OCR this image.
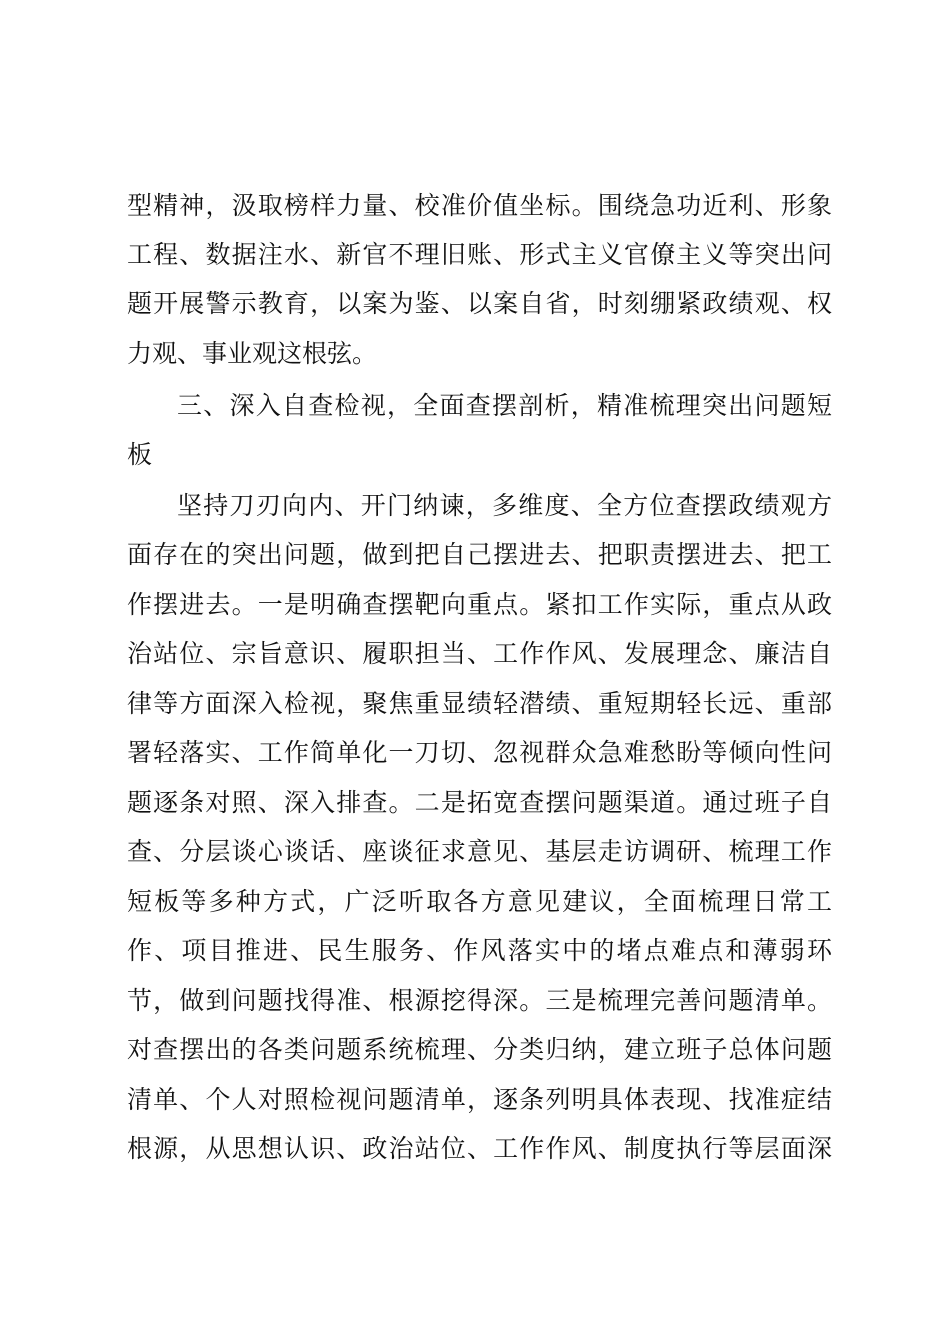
型精神，汲取榜样力量、校准价值坐标。围绕急功近利、形象

工程、数据注水、新官不理旧账、形式主义官僚主义等突出问

题开展警示教育，以案为鉴、以案自省，时刻绷紧政绩观、权

力观、事业观这根弦。

三、深入自查检视，全面查摆剖析，精准梳理突出问题短

板

坚持刀刃向内、开门纳谏，多维度、全方位查摆政绩观方

面存在的突出问题，做到把自己摆进去、把职责摆进去、把工

作摆进去。一是明确查摆靶向重点。紧扣工作实际，重点从政

治站位、宗旨意识、履职担当、工作作风、发展理念、廉洁自

律等方面深入检视，聚焦重显绩轻潜绩、重短期轻长远、重部

署轻落实、工作简单化一刀切、忽视群众急难愁盼等倾向性问

题逐条对照、深入排查。二是拓宽查摆问题渠道。通过班子自

查、分层谈心谈话、座谈征求意见、基层走访调研、梳理工作

短板等多种方式，广泛听取各方意见建议，全面梳理日常工

作、项目推进、民生服务、作风落实中的堵点难点和薄弱环

节，做到问题找得准、根源挖得深。三是梳理完善问题清单。

对查摆出的各类问题系统梳理、分类归纳，建立班子总体问题

清单、个人对照检视问题清单，逐条列明具体表现、找准症结

根源，从思想认识、政治站位、工作作风、制度执行等层面深
